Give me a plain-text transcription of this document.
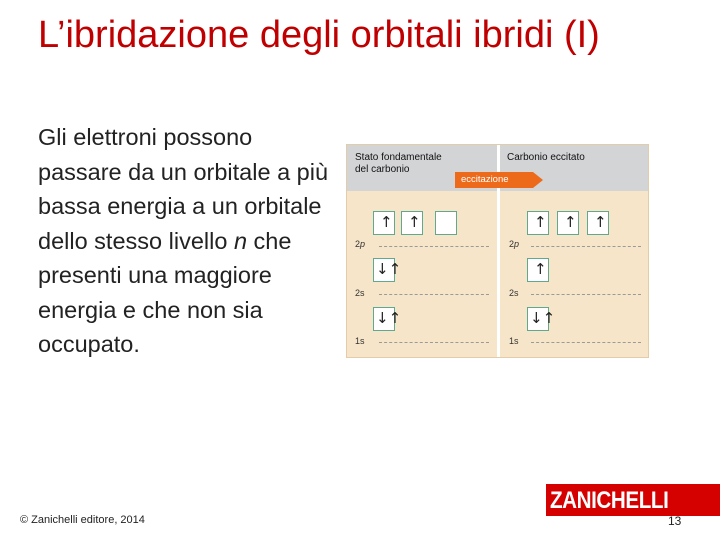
L’ibridazione degli orbitali ibridi (I)
Gli elettroni possono passare da un orbitale a più bassa energia a un orbitale dello stesso livello n che presenti una maggiore energia e che non sia occupato.
Stato fondamentale
del carbonio
Carbonio eccitato
eccitazione
2p
2s
1s
↑ ↑
↓↑
↓↑
2p
2s
1s
↑ ↑ ↑
↑
↓↑
© Zanichelli editore, 2014
ZANICHELLI
13
